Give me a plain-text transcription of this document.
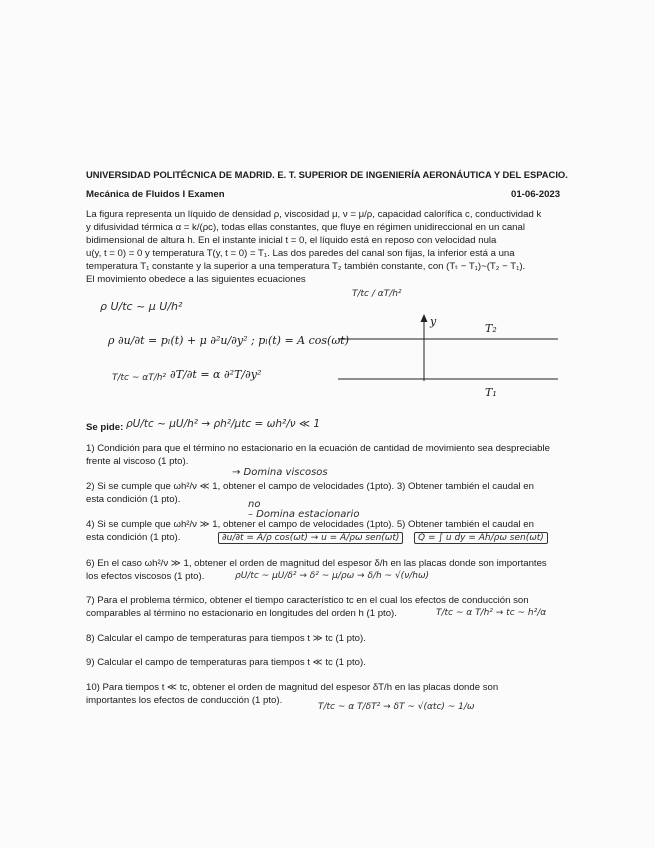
UNIVERSIDAD POLITÉCNICA DE MADRID. E. T. SUPERIOR DE INGENIERÍA AERONÁUTICA Y DEL ESPACIO.
Mecánica de Fluidos I Examen	01-06-2023
La figura representa un líquido de densidad ρ, viscosidad μ, ν = μ/ρ, capacidad calorífica c, conductividad k
y difusividad térmica α = k/(ρc), todas ellas constantes, que fluye en régimen unidireccional en un canal
bidimensional de altura h. En el instante inicial t = 0, el líquido está en reposo con velocidad nula
u(y, t = 0) = 0 y temperatura T(y, t = 0) = T₁. Las dos paredes del canal son fijas, la inferior está a una
temperatura T₁ constante y la superior a una temperatura T₂ también constante, con (Tₜ − T₁)~(T₂ − T₁).
El movimiento obedece a las siguientes ecuaciones
ρ U/tc ~ μ U/h²
T/tc / αT/h²
ρ ∂u/∂t = pₗ(t) + μ ∂²u/∂y² ; pₗ(t) = A cos(ωt)
∂T/∂t = α ∂²T/∂y²
T/tc ~ αT/h²
y
T₂
T₁
Se pide: ρU/tc ~ μU/h² → ρh²/μtc = ωh²/ν ≪ 1
1) Condición para que el término no estacionario en la ecuación de cantidad de movimiento sea despreciable
frente al viscoso (1 pto).
→ Domina viscosos
2) Si se cumple que ωh²/ν ≪ 1, obtener el campo de velocidades (1pto). 3) Obtener también el caudal en
esta condición (1 pto).	no
– Domina estacionario
4) Si se cumple que ωh²/ν ≫ 1, obtener el campo de velocidades (1pto). 5) Obtener también el caudal en
esta condición (1 pto).	∂u/∂t = A/ρ cos(ωt) → u = A/ρω sen(ωt)	Q̄ = ∫ u dy = Ah/ρω sen(ωt)
6) En el caso ωh²/ν ≫ 1, obtener el orden de magnitud del espesor δ/h en las placas donde son importantes
los efectos viscosos (1 pto).	ρU/tc ~ μU/δ² → δ² ~ μ/ρω → δ/h ~ √(ν/hω)
7) Para el problema térmico, obtener el tiempo característico tc en el cual los efectos de conducción son
comparables al término no estacionario en longitudes del orden h (1 pto).	T/tc ~ α T/h² → tc ~ h²/α
8) Calcular el campo de temperaturas para tiempos t ≫ tc (1 pto).
9) Calcular el campo de temperaturas para tiempos t ≪ tc (1 pto).
10) Para tiempos t ≪ tc, obtener el orden de magnitud del espesor δT/h en las placas donde son
importantes los efectos de conducción (1 pto).
T/tc ~ α T/δT² → δT ~ √(αtc) ~ 1/ω
